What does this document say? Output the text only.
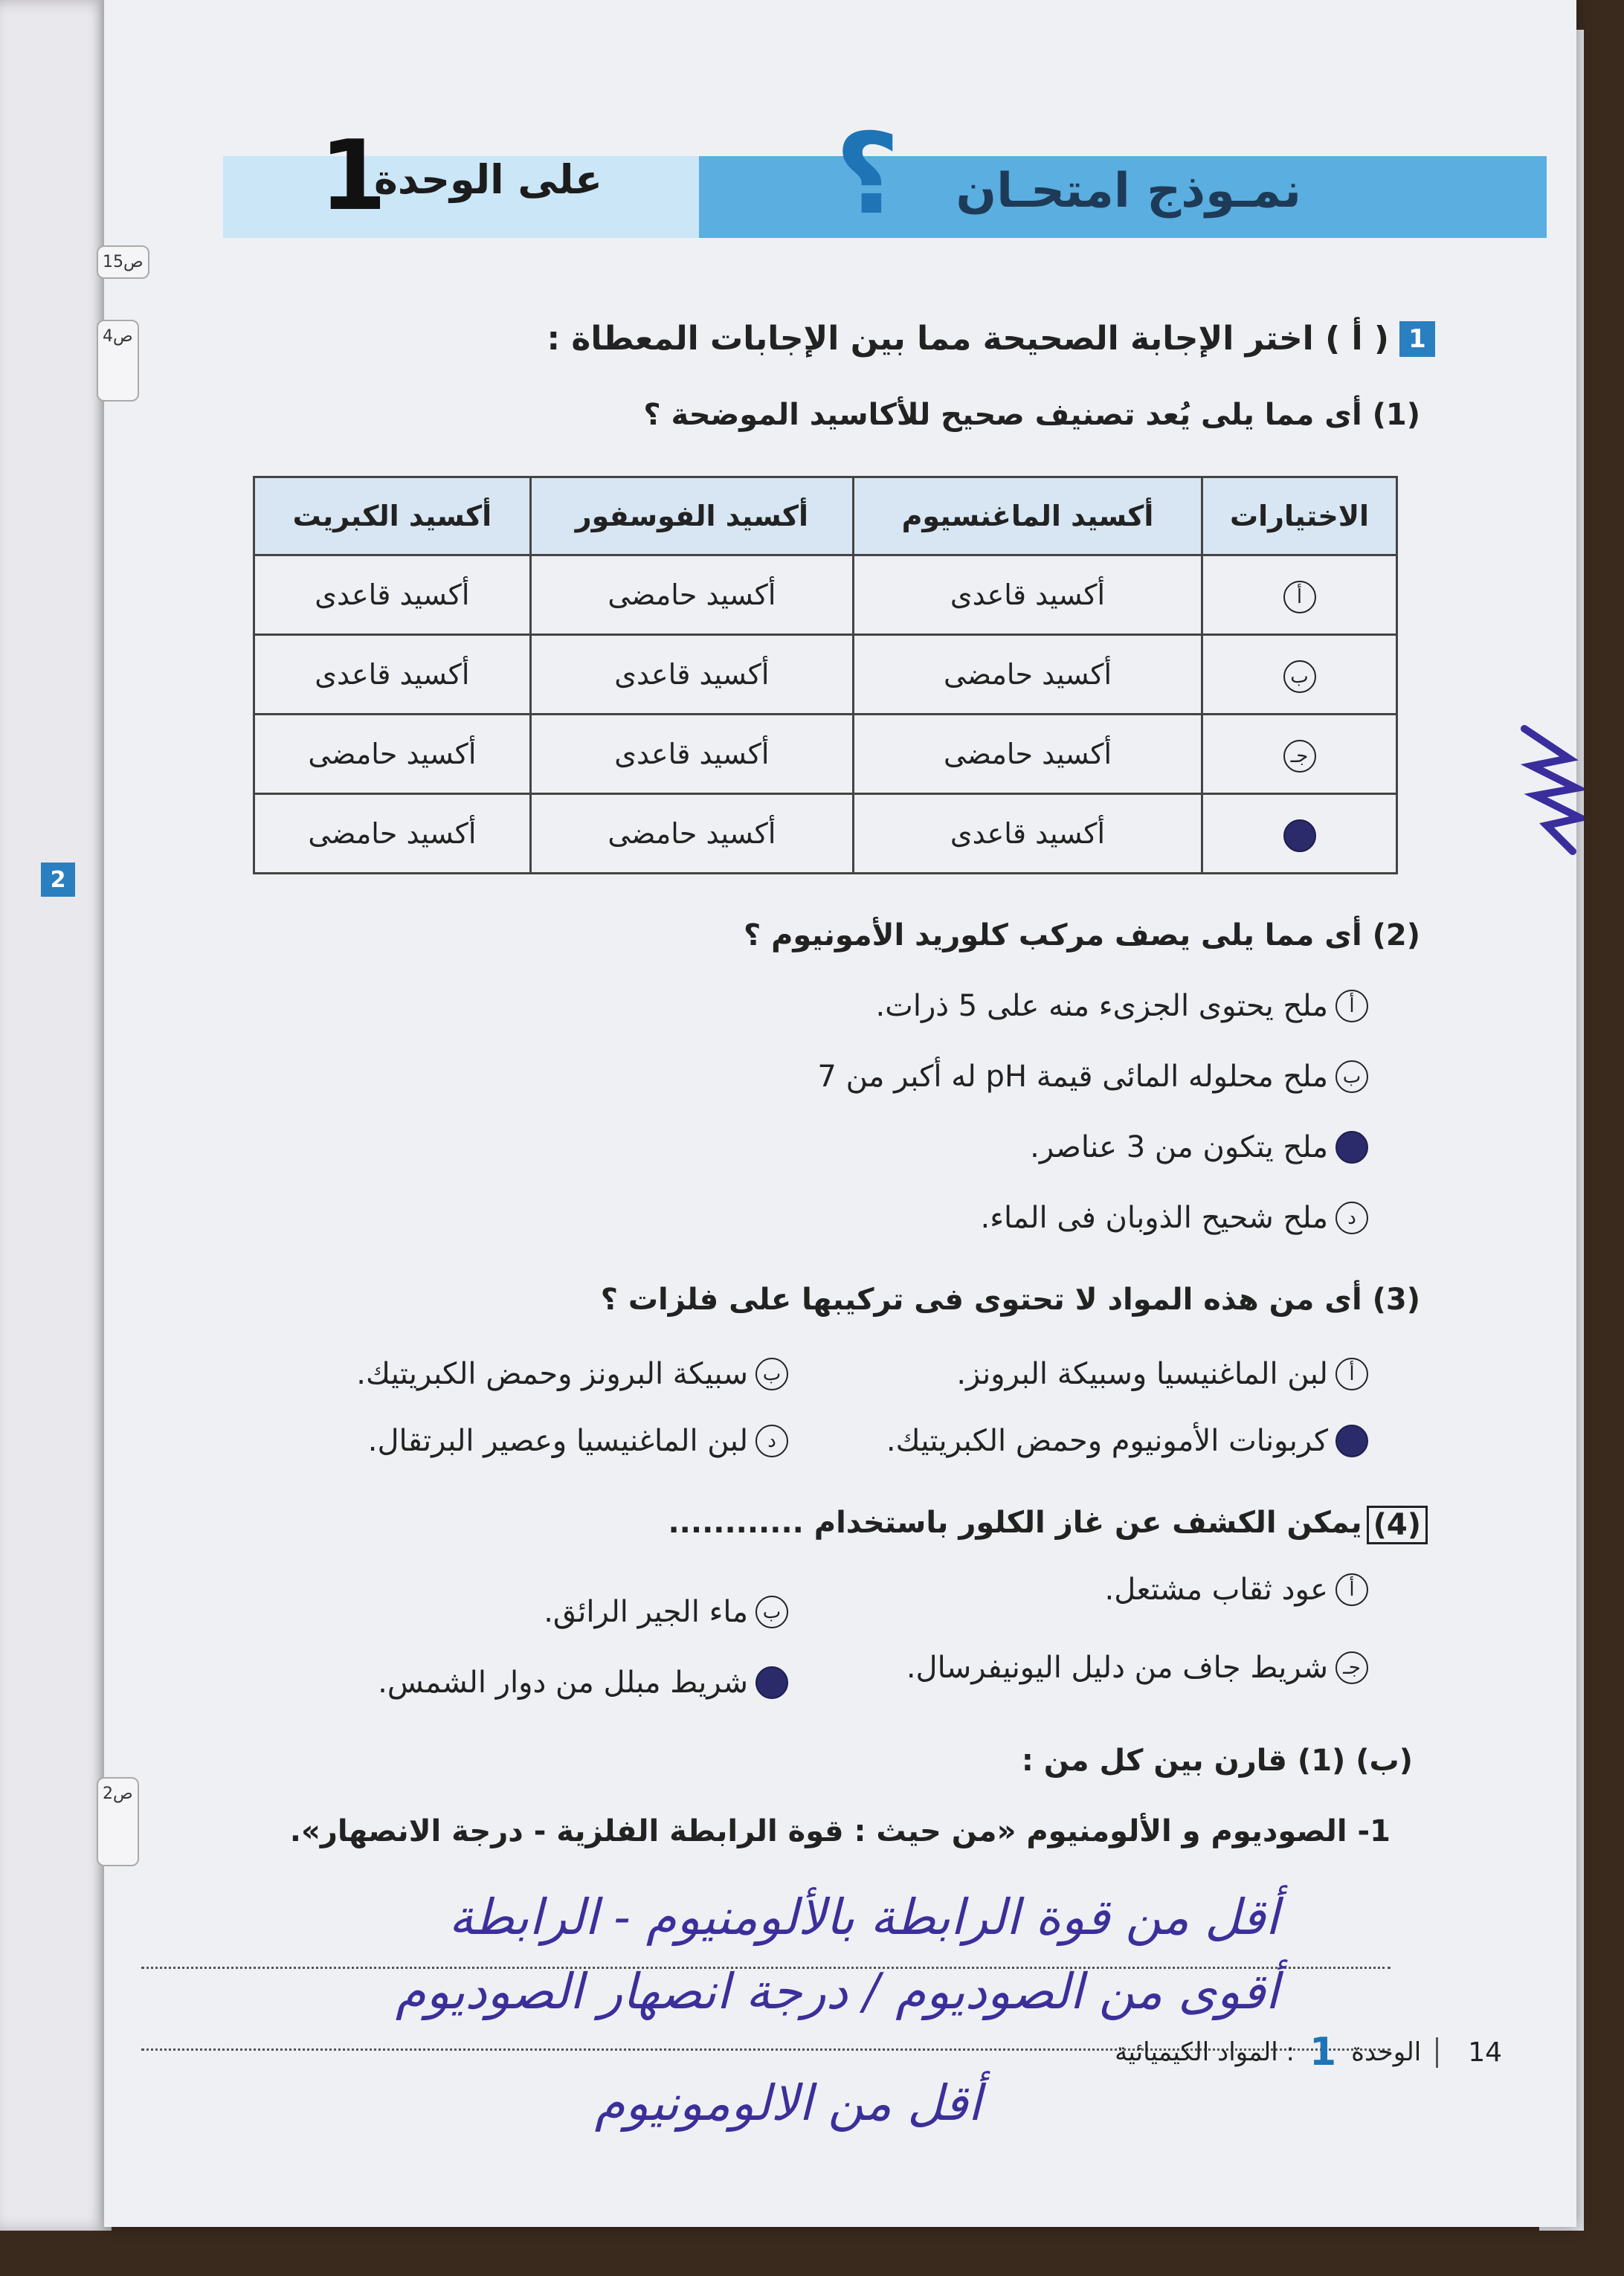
2
نمـوذج امتحـان
؟
على الوحدة
1
ص15
ص4
ص2
1
( أ ) اختر الإجابة الصحيحة مما بين الإجابات المعطاة :
(1) أى مما يلى يُعد تصنيف صحيح للأكاسيد الموضحة ؟
الاختيارات	أكسيد الماغنسيوم	أكسيد الفوسفور	أكسيد الكبريت
أ	أكسيد قاعدى	أكسيد حامضى	أكسيد قاعدى
ب	أكسيد حامضى	أكسيد قاعدى	أكسيد قاعدى
جـ	أكسيد حامضى	أكسيد قاعدى	أكسيد حامضى
د	أكسيد قاعدى	أكسيد حامضى	أكسيد حامضى
(2) أى مما يلى يصف مركب كلوريد الأمونيوم ؟
أ
ملح يحتوى الجزىء منه على 5 ذرات.
ب
ملح محلوله المائى قيمة pH له أكبر من 7
جـ
ملح يتكون من 3 عناصر.
د
ملح شحيح الذوبان فى الماء.
(3) أى من هذه المواد لا تحتوى فى تركيبها على فلزات ؟
أ
لبن الماغنيسيا وسبيكة البرونز.
ب
سبيكة البرونز وحمض الكبريتيك.
جـ
كربونات الأمونيوم وحمض الكبريتيك.
د
لبن الماغنيسيا وعصير البرتقال.
(4)
يمكن الكشف عن غاز الكلور باستخدام ............
أ
عود ثقاب مشتعل.
ب
ماء الجير الرائق.
جـ
شريط جاف من دليل اليونيفرسال.
د
شريط مبلل من دوار الشمس.
(ب) (1) قارن بين كل من :
1- الصوديوم و الألومنيوم «من حيث : قوة الرابطة الفلزية - درجة الانصهار».
أقل من قوة الرابطة بالألومنيوم - الرابطة
أقوى من الصوديوم / درجة انصهار الصوديوم
أقل من الالومونيوم
14
الوحدة
1
: المواد الكيميائية
